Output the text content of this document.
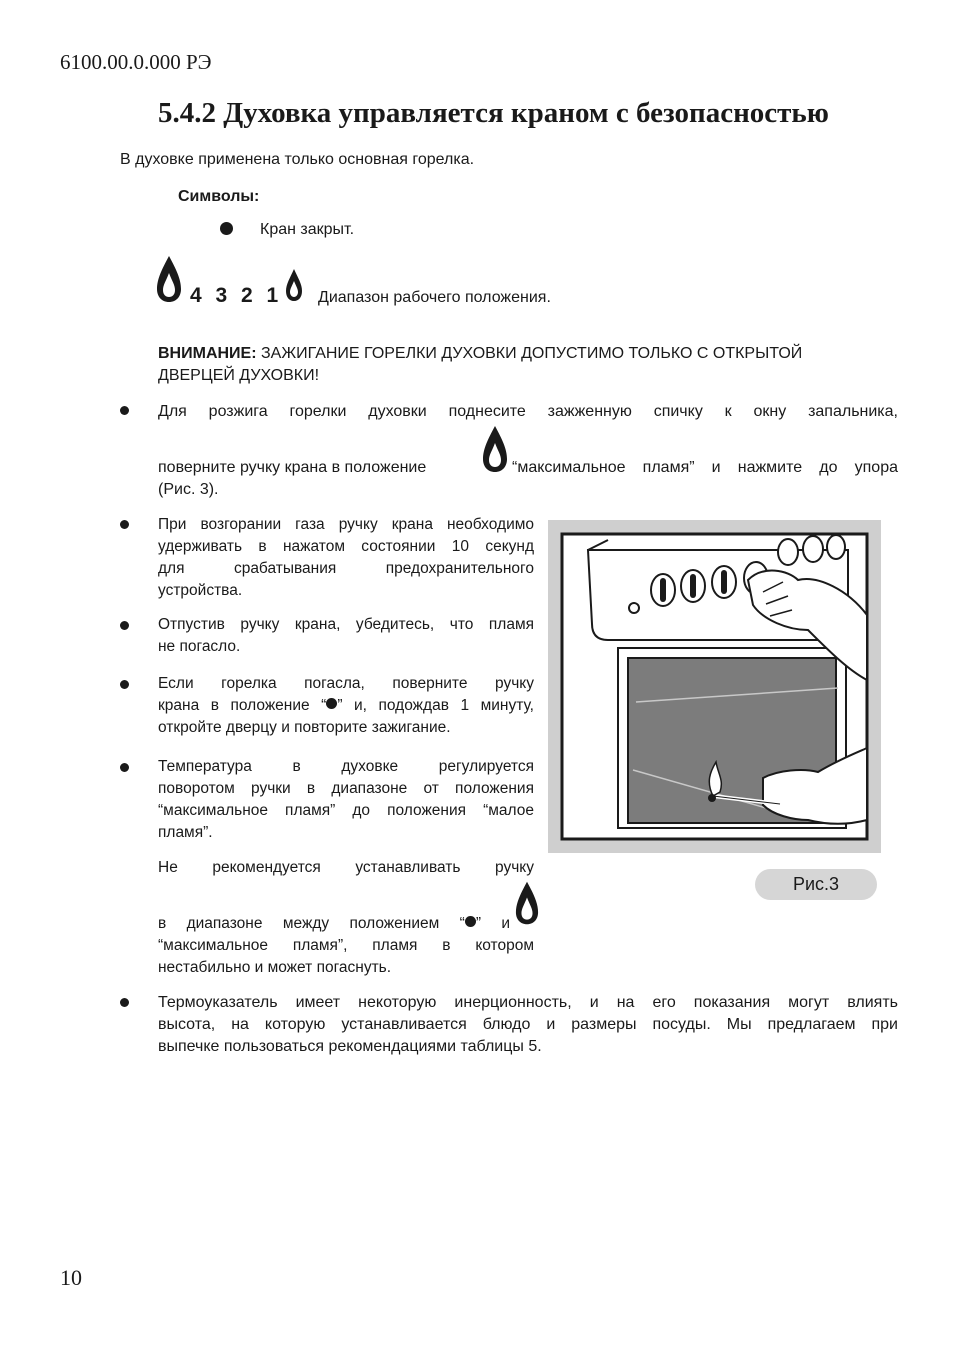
6100.00.0.000 РЭ
5.4.2 Духовка управляется краном с безопасностью
В духовке применена только основная горелка.
Символы:
Кран закрыт.
4 3 2 1 Диапазон рабочего положения.
ВНИМАНИЕ: ЗАЖИГАНИЕ ГОРЕЛКИ ДУХОВКИ ДОПУСТИМО ТОЛЬКО С ОТКРЫТОЙ
ДВЕРЦЕЙ ДУХОВКИ!
Для розжига горелки духовки поднесите зажженную спичку к окну запальника,
поверните ручку крана в положение	“максимальное пламя” и нажмите до упора
(Рис. 3).
При возгорании газа ручку крана необходимо
удерживать в нажатом состоянии 10 секунд
для срабатывания предохранительного
устройства.
Отпустив ручку крана, убедитесь, что пламя
не погасло.
Если горелка погасла, поверните ручку
крана в положение “ ” и, подождав 1 минуту,
откройте дверцу и повторите зажигание.
Температура в духовке регулируется
поворотом ручки в диапазоне от положения
“максимальное пламя” до положения “малое
пламя”.
Не рекомендуется устанавливать ручку
в диапазоне между положением “ ” и
“максимальное пламя”, пламя в котором
нестабильно и может погаснуть.
Термоуказатель имеет некоторую инерционность, и на его показания могут влиять
высота, на которую устанавливается блюдо и размеры посуды. Мы предлагаем при
выпечке пользоваться рекомендациями таблицы 5.
Рис.3
10
